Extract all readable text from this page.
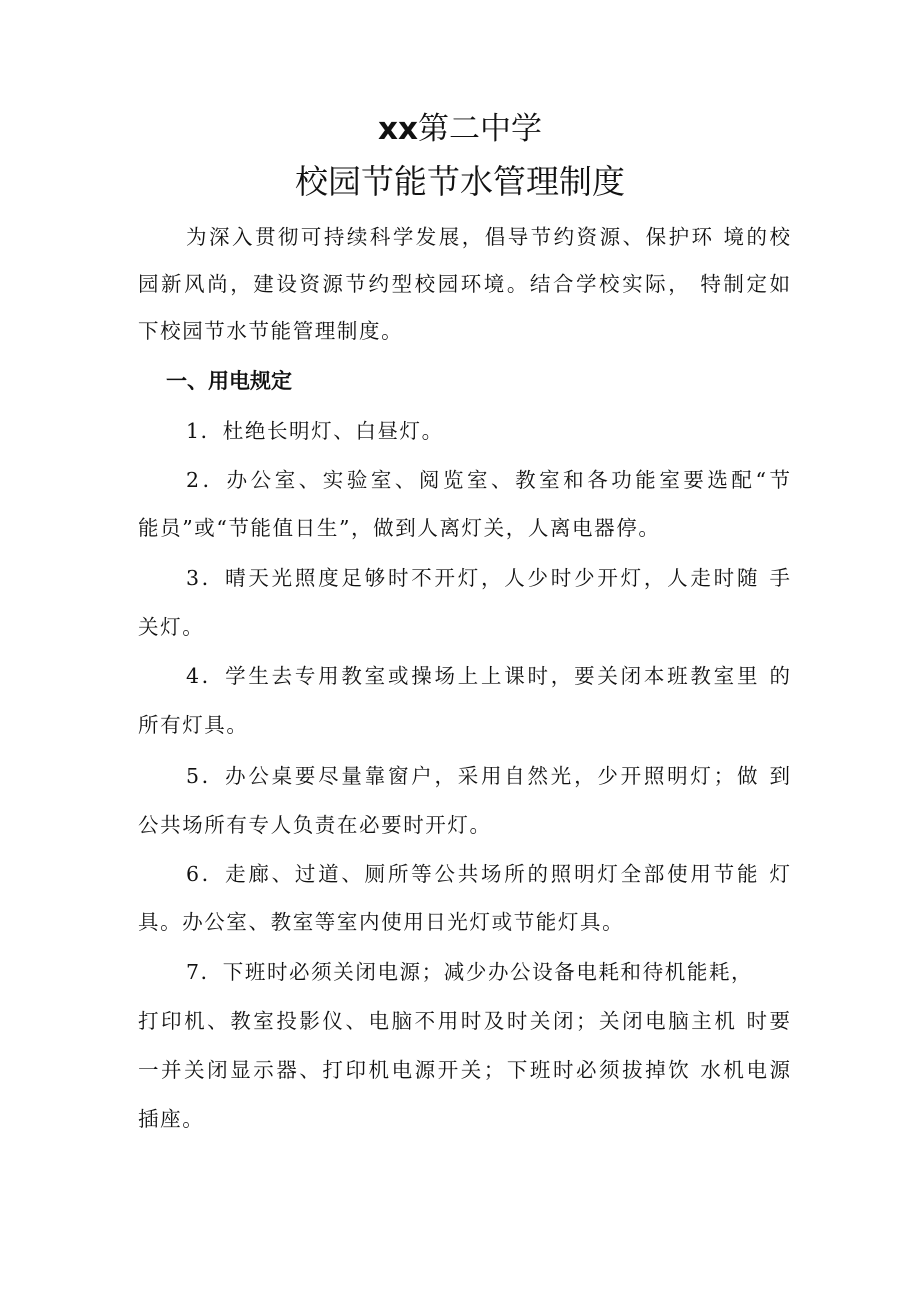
xx第二中学
校园节能节水管理制度
为深入贯彻可持续科学发展，倡导节约资源、保护环 境的校
园新风尚，建设资源节约型校园环境。结合学校实际， 特制定如
下校园节水节能管理制度。
一、用电规定
1．杜绝长明灯、白昼灯。
2．办公室、实验室、阅览室、教室和各功能室要选配“节
能员”或“节能值日生”，做到人离灯关，人离电器停。
3．晴天光照度足够时不开灯，人少时少开灯，人走时随 手
关灯。
4．学生去专用教室或操场上上课时，要关闭本班教室里 的
所有灯具。
5．办公桌要尽量靠窗户，采用自然光，少开照明灯；做 到
公共场所有专人负责在必要时开灯。
6．走廊、过道、厕所等公共场所的照明灯全部使用节能 灯
具。办公室、教室等室内使用日光灯或节能灯具。
7．下班时必须关闭电源；减少办公设备电耗和待机能耗，
打印机、教室投影仪、电脑不用时及时关闭；关闭电脑主机 时要
一并关闭显示器、打印机电源开关；下班时必须拔掉饮 水机电源
插座。
